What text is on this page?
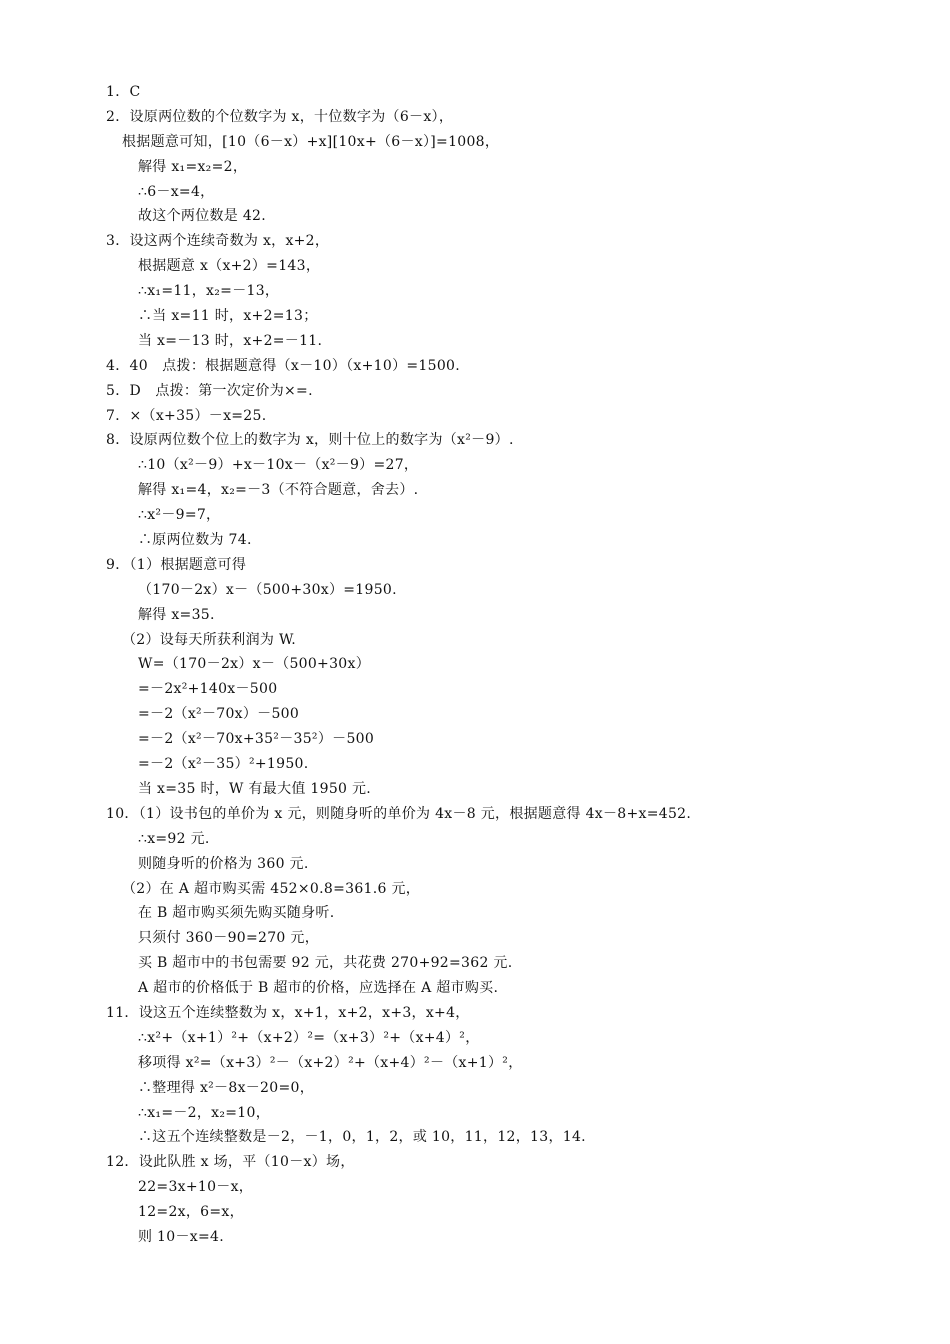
1．C
2．设原两位数的个位数字为 x，十位数字为（6－x），
根据题意可知，[10（6－x）+x][10x+（6－x）]=1008，
解得 x₁=x₂=2，
∴6－x=4，
故这个两位数是 42.
3．设这两个连续奇数为 x，x+2，
根据题意 x（x+2）=143，
∴x₁=11，x₂=－13，
∴当 x=11 时，x+2=13；
当 x=－13 时，x+2=－11.
4．40　点拨：根据题意得（x－10）（x+10）=1500.
5．D　点拨：第一次定价为×=.
7．×（x+35）－x=25.
8．设原两位数个位上的数字为 x，则十位上的数字为（x²－9）.
∴10（x²－9）+x－10x－（x²－9）=27，
解得 x₁=4，x₂=－3（不符合题意，舍去）.
∴x²－9=7，
∴原两位数为 74.
9．（1）根据题意可得
（170－2x）x－（500+30x）=1950.
解得 x=35.
（2）设每天所获利润为 W.
W=（170－2x）x－（500+30x）
=－2x²+140x－500
=－2（x²－70x）－500
=－2（x²－70x+35²－35²）－500
=－2（x²－35）²+1950.
当 x=35 时，W 有最大值 1950 元.
10．（1）设书包的单价为 x 元，则随身听的单价为 4x－8 元，根据题意得 4x－8+x=452.
∴x=92 元.
则随身听的价格为 360 元.
（2）在 A 超市购买需 452×0.8=361.6 元，
在 B 超市购买须先购买随身听.
只须付 360－90=270 元，
买 B 超市中的书包需要 92 元，共花费 270+92=362 元.
A 超市的价格低于 B 超市的价格，应选择在 A 超市购买.
11．设这五个连续整数为 x，x+1，x+2，x+3，x+4，
∴x²+（x+1）²+（x+2）²=（x+3）²+（x+4）²，
移项得 x²=（x+3）²－（x+2）²+（x+4）²－（x+1）²，
∴整理得 x²－8x－20=0，
∴x₁=－2，x₂=10，
∴这五个连续整数是－2，－1，0，1，2，或 10，11，12，13，14.
12．设此队胜 x 场，平（10－x）场，
22=3x+10－x，
12=2x，6=x，
则 10－x=4.
